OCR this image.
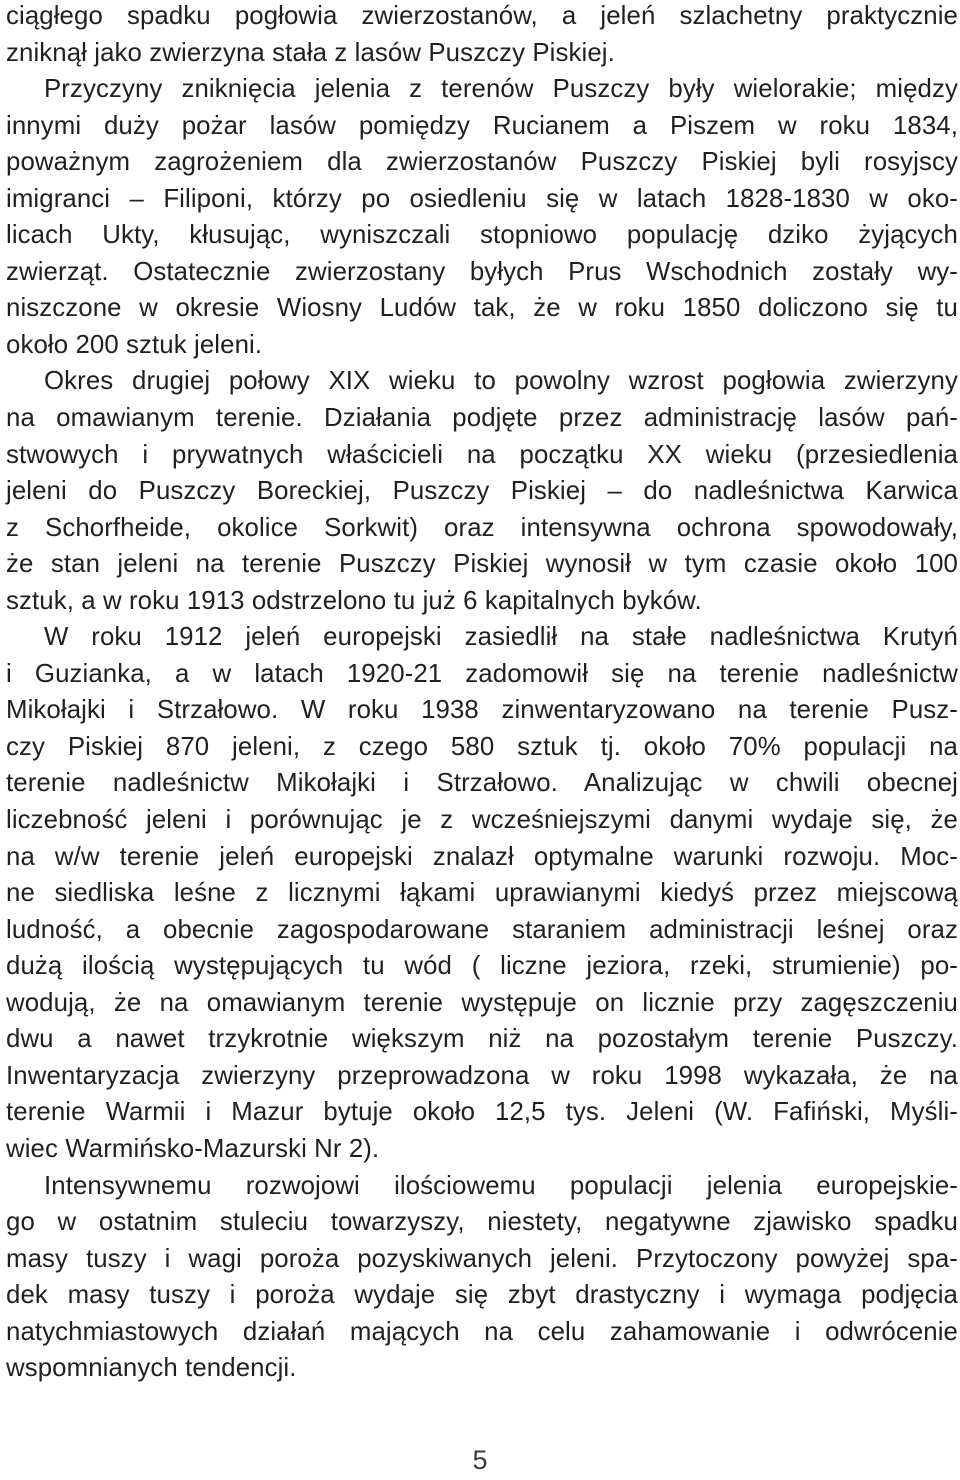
ciągłego spadku pogłowia zwierzostanów, a jeleń szlachetny praktycznie
zniknął jako zwierzyna stała z lasów Puszczy Piskiej.
Przyczyny zniknięcia jelenia z terenów Puszczy były wielorakie; między
innymi duży pożar lasów pomiędzy Rucianem a Piszem w roku 1834,
poważnym zagrożeniem dla zwierzostanów Puszczy Piskiej byli rosyjscy
imigranci – Filiponi, którzy po osiedleniu się w latach 1828-1830 w oko-
licach Ukty, kłusując, wyniszczali stopniowo populację dziko żyjących
zwierząt. Ostatecznie zwierzostany byłych Prus Wschodnich zostały wy-
niszczone w okresie Wiosny Ludów tak, że w roku 1850 doliczono się tu
około 200 sztuk jeleni.
Okres drugiej połowy XIX wieku to powolny wzrost pogłowia zwierzyny
na omawianym terenie. Działania podjęte przez administrację lasów pań-
stwowych i prywatnych właścicieli na początku XX wieku (przesiedlenia
jeleni do Puszczy Boreckiej, Puszczy Piskiej – do nadleśnictwa Karwica
z Schorfheide, okolice Sorkwit) oraz intensywna ochrona spowodowały,
że stan jeleni na terenie Puszczy Piskiej wynosił w tym czasie około 100
sztuk, a w roku 1913 odstrzelono tu już 6 kapitalnych byków.
W roku 1912 jeleń europejski zasiedlił na stałe nadleśnictwa Krutyń
i Guzianka, a w latach 1920-21 zadomowił się na terenie nadleśnictw
Mikołajki i Strzałowo. W roku 1938 zinwentaryzowano na terenie Pusz-
czy Piskiej 870 jeleni, z czego 580 sztuk tj. około 70% populacji na
terenie nadleśnictw Mikołajki i Strzałowo. Analizując w chwili obecnej
liczebność jeleni i porównując je z wcześniejszymi danymi wydaje się, że
na w/w terenie jeleń europejski znalazł optymalne warunki rozwoju. Moc-
ne siedliska leśne z licznymi łąkami uprawianymi kiedyś przez miejscową
ludność, a obecnie zagospodarowane staraniem administracji leśnej oraz
dużą ilością występujących tu wód ( liczne jeziora, rzeki, strumienie) po-
wodują, że na omawianym terenie występuje on licznie przy zagęszczeniu
dwu a nawet trzykrotnie większym niż na pozostałym terenie Puszczy.
Inwentaryzacja zwierzyny przeprowadzona w roku 1998 wykazała, że na
terenie Warmii i Mazur bytuje około 12,5 tys. Jeleni (W. Fafiński, Myśli-
wiec Warmińsko-Mazurski Nr 2).
Intensywnemu rozwojowi ilościowemu populacji jelenia europejskie-
go w ostatnim stuleciu towarzyszy, niestety, negatywne zjawisko spadku
masy tuszy i wagi poroża pozyskiwanych jeleni. Przytoczony powyżej spa-
dek masy tuszy i poroża wydaje się zbyt drastyczny i wymaga podjęcia
natychmiastowych działań mających na celu zahamowanie i odwrócenie
wspomnianych tendencji.
5
